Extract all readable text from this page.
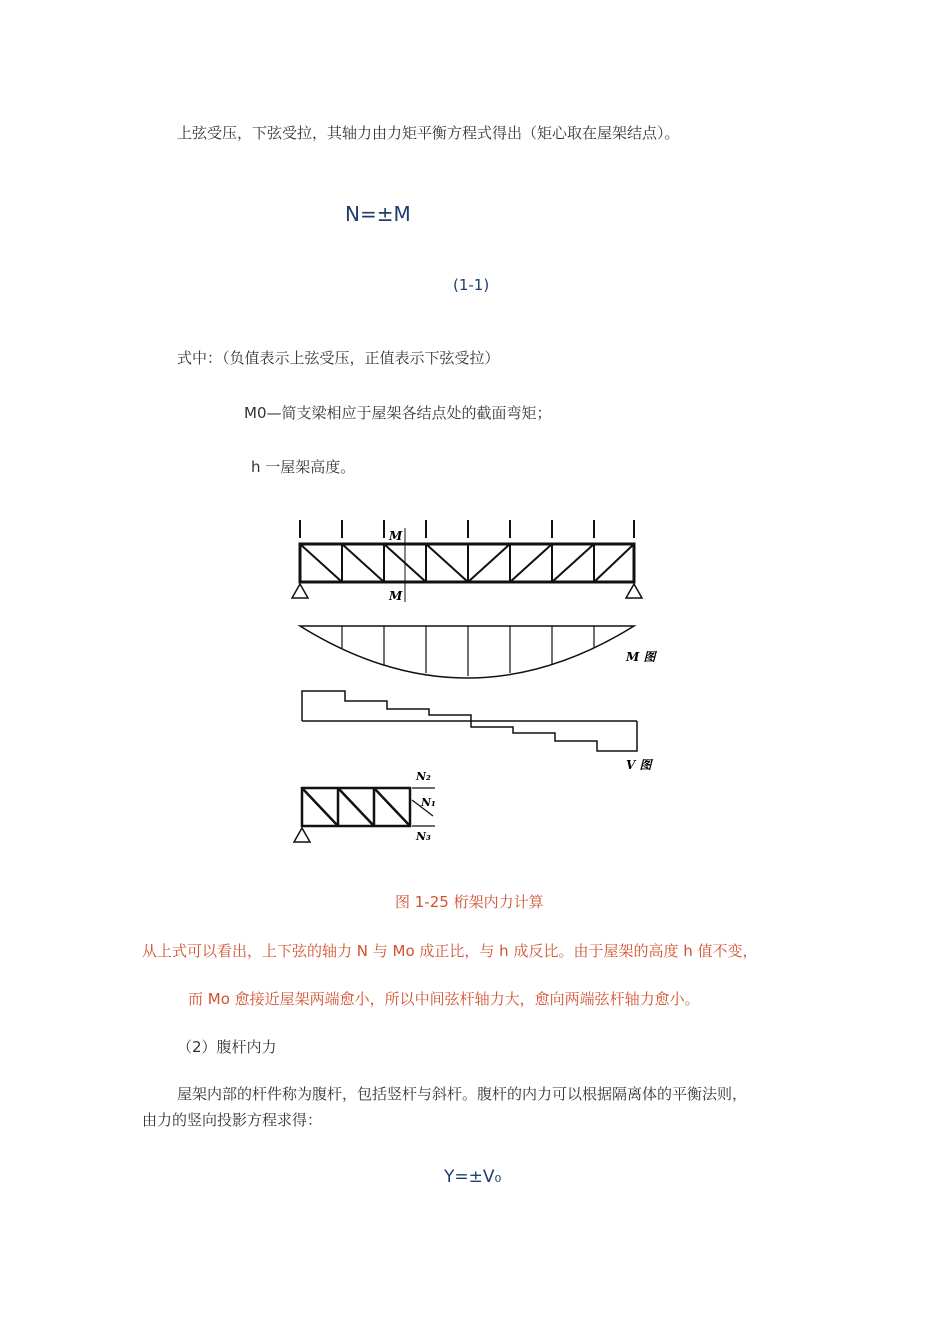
上弦受压，下弦受拉，其轴力由力矩平衡方程式得出（矩心取在屋架结点）。
N=±M
(1-1)
式中：（负值表示上弦受压，正值表示下弦受拉）
M0—简支梁相应于屋架各结点处的截面弯矩；
h 一屋架高度。
M
M
M 图
V 图
N₂
N₁
N₃
图 1-25 桁架内力计算
从上式可以看出，上下弦的轴力 N 与 Mo 成正比，与 h 成反比。由于屋架的高度 h 值不变，
而 Mo 愈接近屋架两端愈小，所以中间弦杆轴力大，愈向两端弦杆轴力愈小。
（2）腹杆内力
屋架内部的杆件称为腹杆，包括竖杆与斜杆。腹杆的内力可以根据隔离体的平衡法则，
由力的竖向投影方程求得：
Y=±V₀
